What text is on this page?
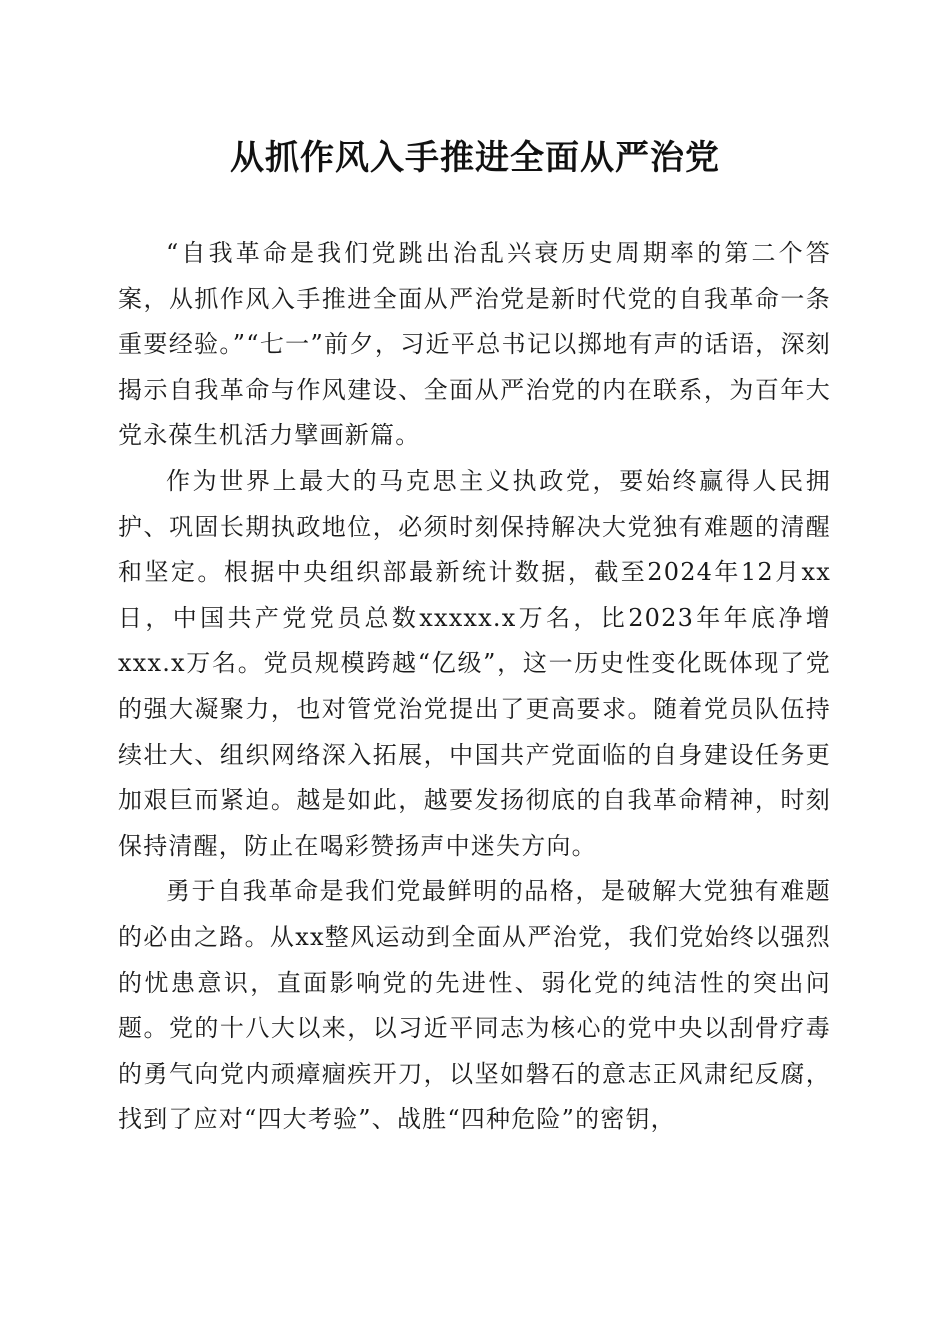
从抓作风入手推进全面从严治党

“自我革命是我们党跳出治乱兴衰历史周期率的第二个答案，从抓作风入手推进全面从严治党是新时代党的自我革命一条重要经验。”“七一”前夕，习近平总书记以掷地有声的话语，深刻揭示自我革命与作风建设、全面从严治党的内在联系，为百年大党永葆生机活力擘画新篇。

作为世界上最大的马克思主义执政党，要始终赢得人民拥护、巩固长期执政地位，必须时刻保持解决大党独有难题的清醒和坚定。根据中央组织部最新统计数据，截至2024年12月xx日，中国共产党党员总数xxxxx.x万名，比2023年年底净增xxx.x万名。党员规模跨越“亿级”，这一历史性变化既体现了党的强大凝聚力，也对管党治党提出了更高要求。随着党员队伍持续壮大、组织网络深入拓展，中国共产党面临的自身建设任务更加艰巨而紧迫。越是如此，越要发扬彻底的自我革命精神，时刻保持清醒，防止在喝彩赞扬声中迷失方向。

勇于自我革命是我们党最鲜明的品格，是破解大党独有难题的必由之路。从xx整风运动到全面从严治党，我们党始终以强烈的忧患意识，直面影响党的先进性、弱化党的纯洁性的突出问题。党的十八大以来，以习近平同志为核心的党中央以刮骨疗毒的勇气向党内顽瘴痼疾开刀，以坚如磐石的意志正风肃纪反腐，找到了应对“四大考验”、战胜“四种危险”的密钥，
